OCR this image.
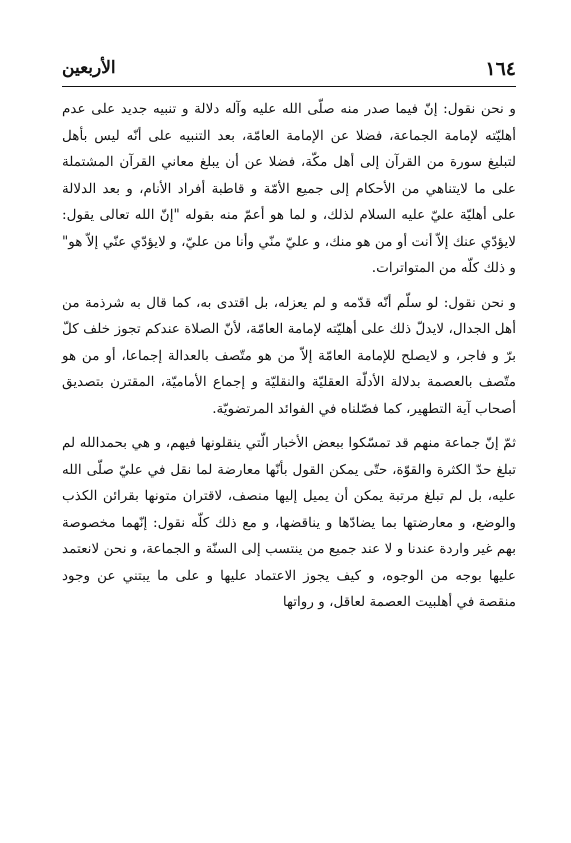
١٦٤
الأربعين

و نحن نقول: إنّ فيما صدر منه صلّى الله عليه وآله دلالة و تنبيه جديد على عدم أهليّته لإمامة الجماعة، فضلا عن الإمامة العامّة، بعد التنبيه على أنّه ليس بأهل لتبليغ سورة من القرآن إلى أهل مكّة، فضلا عن أن يبلغ معاني القرآن المشتملة على ما لايتناهي من الأحكام إلى جميع الأمّة و قاطبة أفراد الأنام، و بعد الدلالة على أهليّة عليّ عليه السلام لذلك، و لما هو أعمّ منه بقوله "إنّ الله تعالى يقول: لايؤدّي عنك إلاّ أنت أو من هو منك، و عليّ منّي وأنا من عليّ، و لايؤدّي عنّي إلاّ هو" و ذلك كلّه من المتواترات.

و نحن نقول: لو سلّم أنّه قدّمه و لم يعزله، بل اقتدى به، كما قال به شرذمة من أهل الجدال، لايدلّ ذلك على أهليّته لإمامة العامّة، لأنّ الصلاة عندكم تجوز خلف كلّ برّ و فاجر، و لايصلح للإمامة العامّة إلاّ من هو متّصف بالعدالة إجماعا، أو من هو متّصف بالعصمة بدلالة الأدلّة العقليّة والنقليّة و إجماع الأماميّة، المقترن بتصديق أصحاب آية التطهير، كما فصّلناه في الفوائد المرتضويّة.

ثمّ إنّ جماعة منهم قد تمسّكوا ببعض الأخبار الّتي ينقلونها فيهم، و هي بحمدالله لم تبلغ حدّ الكثرة والقوّة، حتّى يمكن القول بأنّها معارضة لما نقل في عليّ صلّى الله عليه، بل لم تبلغ مرتبة يمكن أن يميل إليها منصف، لاقتران متونها بقرائن الكذب والوضع، و معارضتها بما يضادّها و يناقضها، و مع ذلك كلّه نقول: إنّهما مخصوصة بهم غير واردة عندنا و لا عند جميع من ينتسب إلى السنّة و الجماعة، و نحن لانعتمد عليها بوجه من الوجوه، و كيف يجوز الاعتماد عليها و على ما يبتني عن وجود منقصة في أهلبيت العصمة لعاقل، و رواتها
